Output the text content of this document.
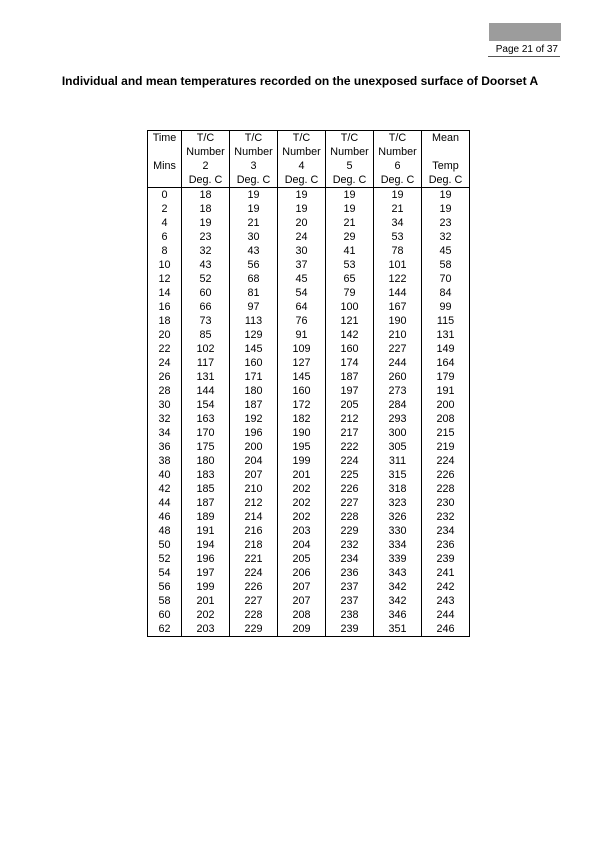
Page 21 of 37
Individual and mean temperatures recorded on the unexposed surface of Doorset A
Time	T/C	T/C	T/C	T/C	T/C	Mean
	Number	Number	Number	Number	Number	
Mins	2	3	4	5	6	Temp
	Deg. C	Deg. C	Deg. C	Deg. C	Deg. C	Deg. C
0	18	19	19	19	19	19
2	18	19	19	19	21	19
4	19	21	20	21	34	23
6	23	30	24	29	53	32
8	32	43	30	41	78	45
10	43	56	37	53	101	58
12	52	68	45	65	122	70
14	60	81	54	79	144	84
16	66	97	64	100	167	99
18	73	113	76	121	190	115
20	85	129	91	142	210	131
22	102	145	109	160	227	149
24	117	160	127	174	244	164
26	131	171	145	187	260	179
28	144	180	160	197	273	191
30	154	187	172	205	284	200
32	163	192	182	212	293	208
34	170	196	190	217	300	215
36	175	200	195	222	305	219
38	180	204	199	224	311	224
40	183	207	201	225	315	226
42	185	210	202	226	318	228
44	187	212	202	227	323	230
46	189	214	202	228	326	232
48	191	216	203	229	330	234
50	194	218	204	232	334	236
52	196	221	205	234	339	239
54	197	224	206	236	343	241
56	199	226	207	237	342	242
58	201	227	207	237	342	243
60	202	228	208	238	346	244
62	203	229	209	239	351	246
